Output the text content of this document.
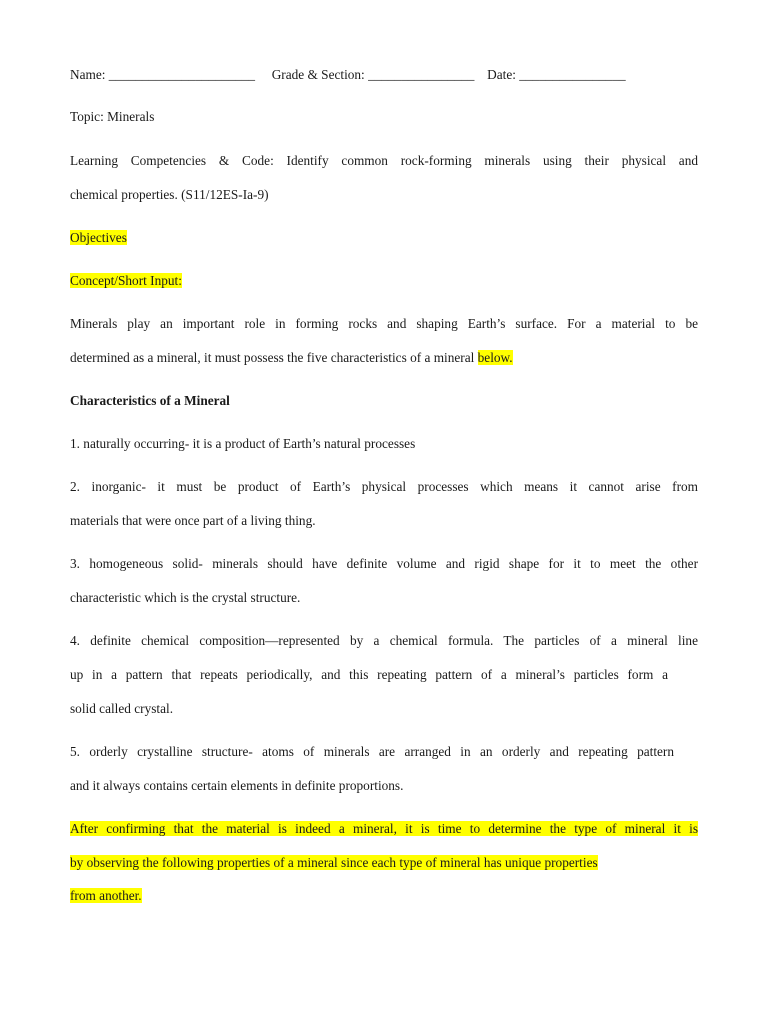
Name: ______________________ Grade & Section: ________________ Date: ________________
Topic: Minerals
Learning Competencies & Code: Identify common rock-forming minerals using their physical and
chemical properties. (S11/12ES-Ia-9)
Objectives
Concept/Short Input:
Minerals play an important role in forming rocks and shaping Earth’s surface. For a material to be
determined as a mineral, it must possess the five characteristics of a mineral below.
Characteristics of a Mineral
1. naturally occurring- it is a product of Earth’s natural processes
2. inorganic- it must be product of Earth’s physical processes which means it cannot arise from
materials that were once part of a living thing.
3. homogeneous solid- minerals should have definite volume and rigid shape for it to meet the other
characteristic which is the crystal structure.
4. definite chemical composition—represented by a chemical formula. The particles of a mineral line
up in a pattern that repeats periodically, and this repeating pattern of a mineral’s particles form a
solid called crystal.
5. orderly crystalline structure- atoms of minerals are arranged in an orderly and repeating pattern
and it always contains certain elements in definite proportions.
After confirming that the material is indeed a mineral, it is time to determine the type of mineral it is
by observing the following properties of a mineral since each type of mineral has unique properties
from another.
